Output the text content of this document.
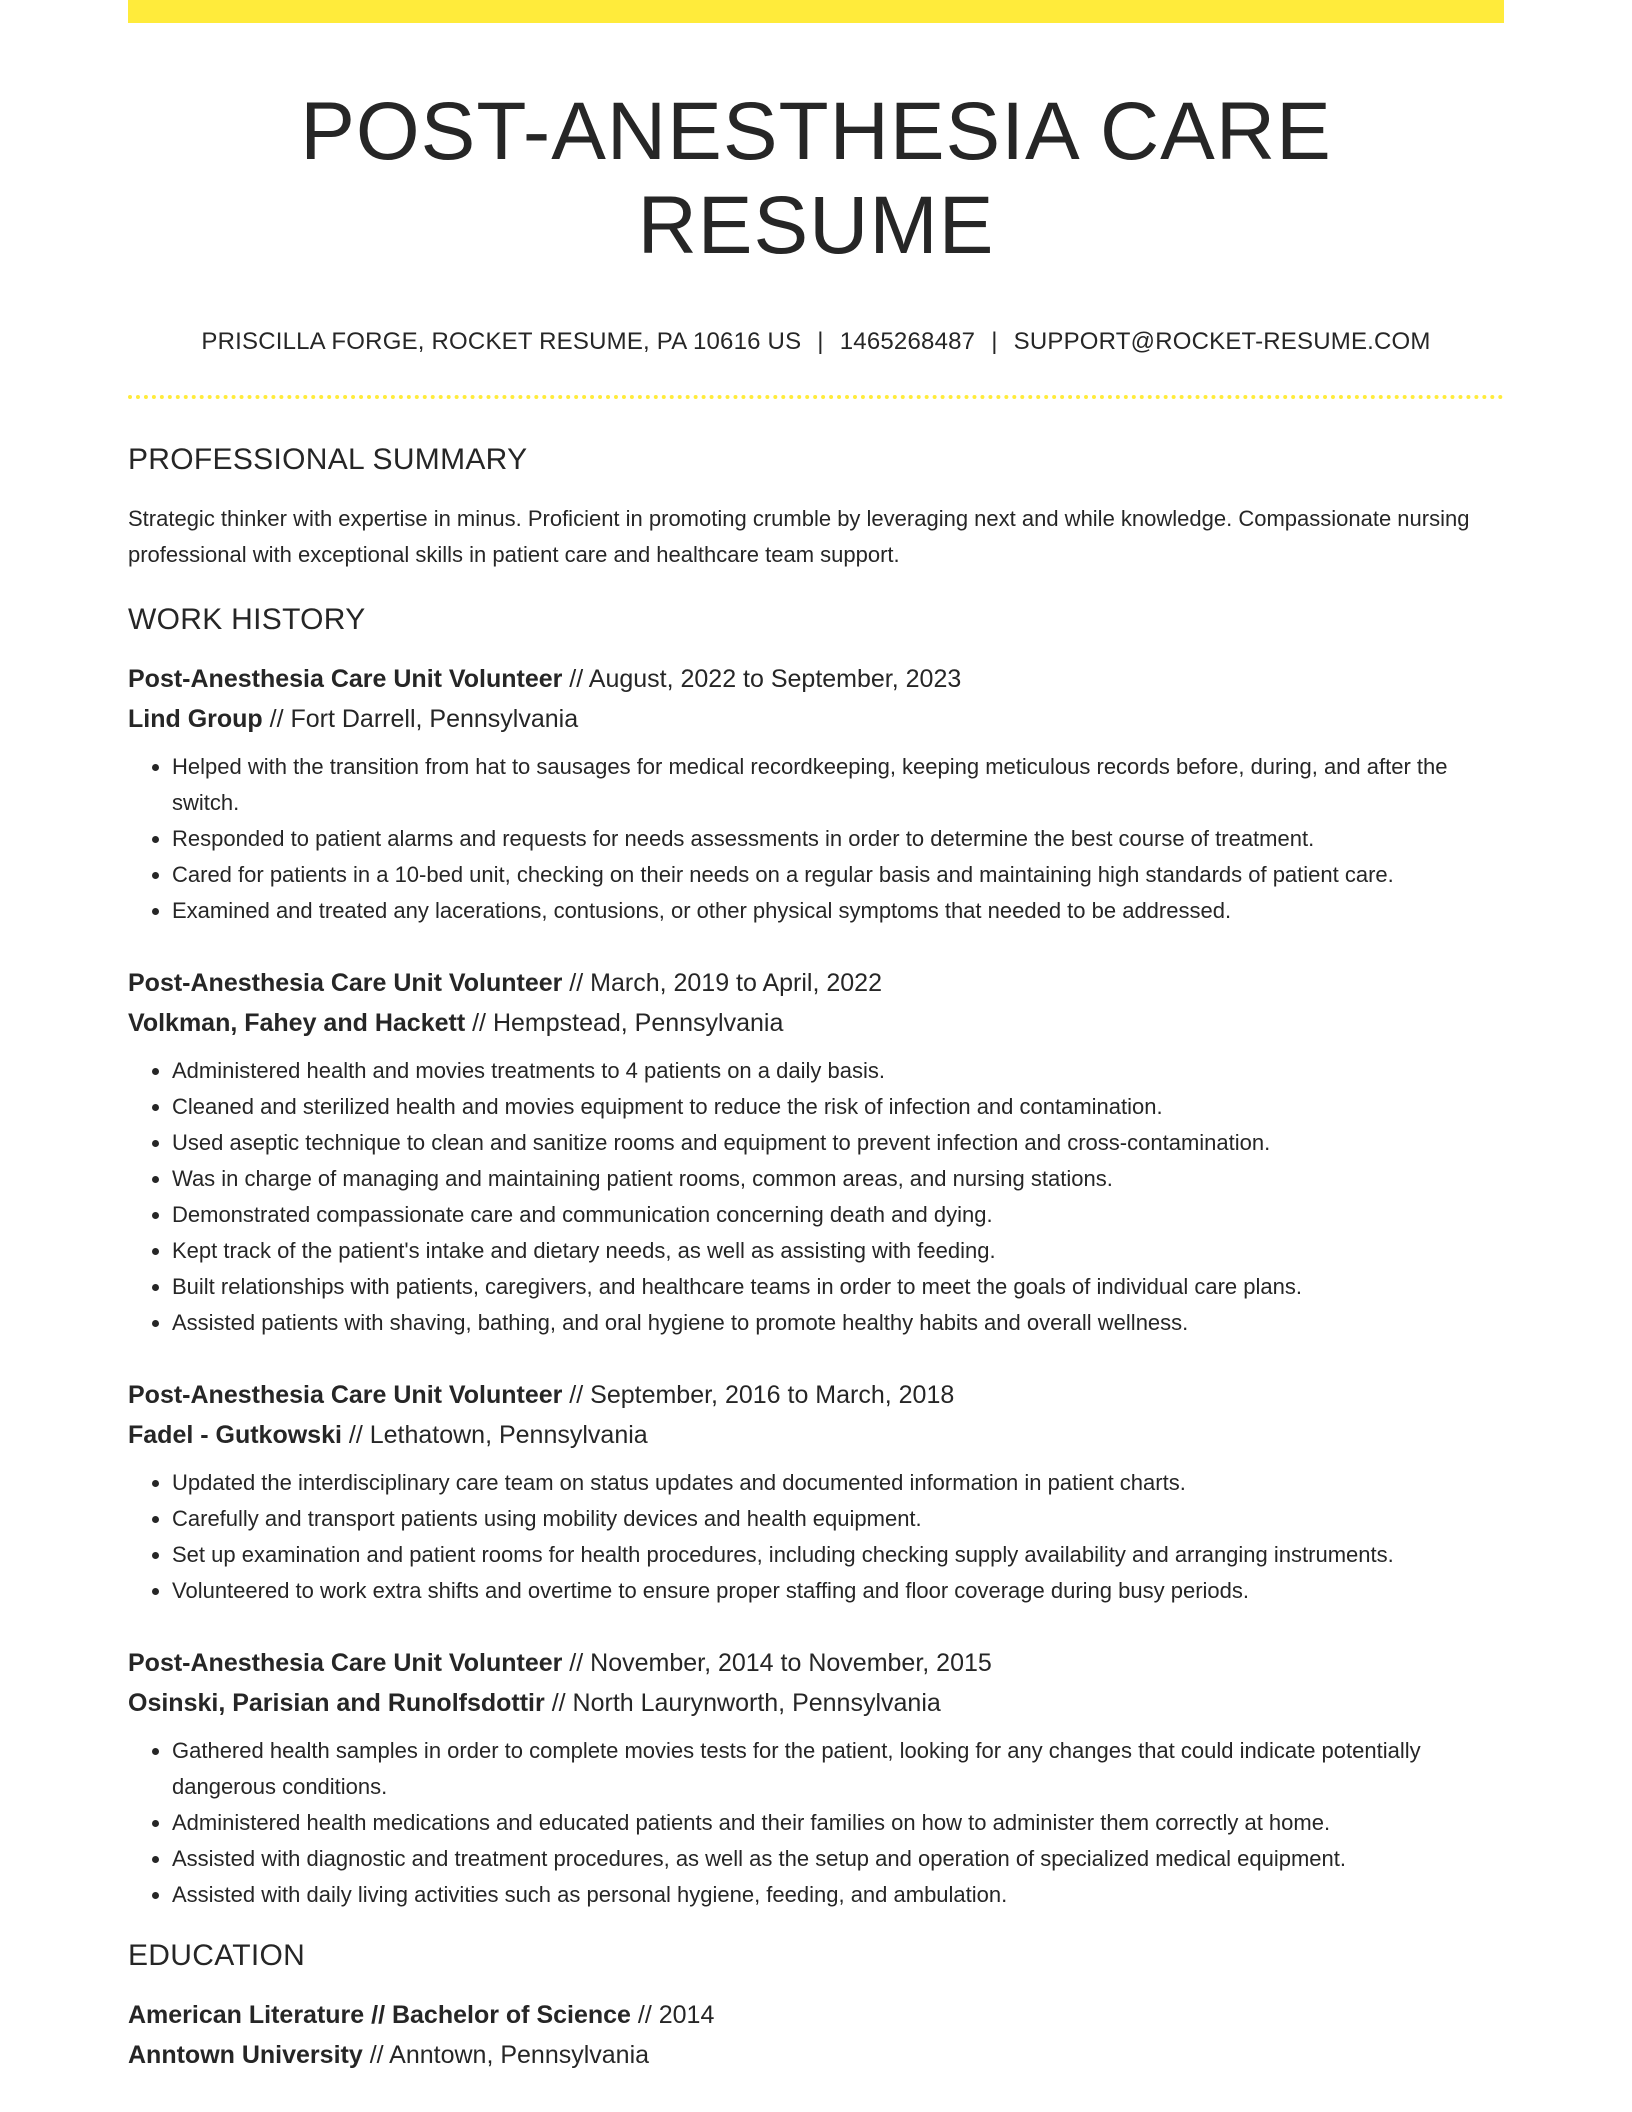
POST-ANESTHESIA CARE RESUME
PRISCILLA FORGE, ROCKET RESUME, PA 10616 US | 1465268487 | SUPPORT@ROCKET-RESUME.COM
PROFESSIONAL SUMMARY
Strategic thinker with expertise in minus. Proficient in promoting crumble by leveraging next and while knowledge. Compassionate nursing professional with exceptional skills in patient care and healthcare team support.
WORK HISTORY
Post-Anesthesia Care Unit Volunteer // August, 2022 to September, 2023
Lind Group // Fort Darrell, Pennsylvania
• Helped with the transition from hat to sausages for medical recordkeeping, keeping meticulous records before, during, and after the switch.
• Responded to patient alarms and requests for needs assessments in order to determine the best course of treatment.
• Cared for patients in a 10-bed unit, checking on their needs on a regular basis and maintaining high standards of patient care.
• Examined and treated any lacerations, contusions, or other physical symptoms that needed to be addressed.
Post-Anesthesia Care Unit Volunteer // March, 2019 to April, 2022
Volkman, Fahey and Hackett // Hempstead, Pennsylvania
• Administered health and movies treatments to 4 patients on a daily basis.
• Cleaned and sterilized health and movies equipment to reduce the risk of infection and contamination.
• Used aseptic technique to clean and sanitize rooms and equipment to prevent infection and cross-contamination.
• Was in charge of managing and maintaining patient rooms, common areas, and nursing stations.
• Demonstrated compassionate care and communication concerning death and dying.
• Kept track of the patient's intake and dietary needs, as well as assisting with feeding.
• Built relationships with patients, caregivers, and healthcare teams in order to meet the goals of individual care plans.
• Assisted patients with shaving, bathing, and oral hygiene to promote healthy habits and overall wellness.
Post-Anesthesia Care Unit Volunteer // September, 2016 to March, 2018
Fadel - Gutkowski // Lethatown, Pennsylvania
• Updated the interdisciplinary care team on status updates and documented information in patient charts.
• Carefully and transport patients using mobility devices and health equipment.
• Set up examination and patient rooms for health procedures, including checking supply availability and arranging instruments.
• Volunteered to work extra shifts and overtime to ensure proper staffing and floor coverage during busy periods.
Post-Anesthesia Care Unit Volunteer // November, 2014 to November, 2015
Osinski, Parisian and Runolfsdottir // North Laurynworth, Pennsylvania
• Gathered health samples in order to complete movies tests for the patient, looking for any changes that could indicate potentially dangerous conditions.
• Administered health medications and educated patients and their families on how to administer them correctly at home.
• Assisted with diagnostic and treatment procedures, as well as the setup and operation of specialized medical equipment.
• Assisted with daily living activities such as personal hygiene, feeding, and ambulation.
EDUCATION
American Literature // Bachelor of Science // 2014
Anntown University // Anntown, Pennsylvania
